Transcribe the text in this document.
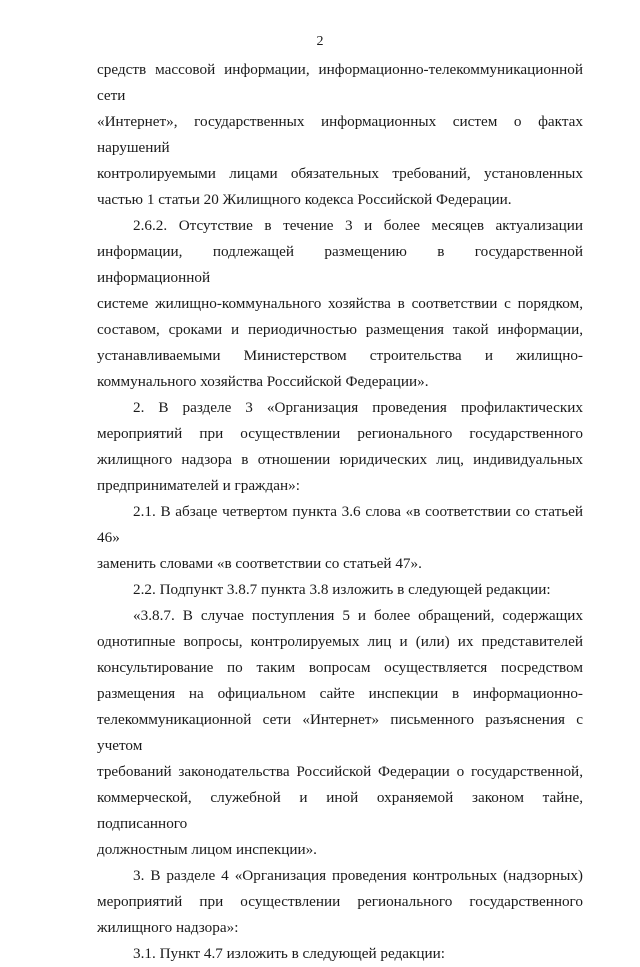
2
средств массовой информации, информационно-телекоммуникационной сети
«Интернет», государственных информационных систем о фактах нарушений
контролируемыми лицами обязательных требований, установленных
частью 1 статьи 20 Жилищного кодекса Российской Федерации.
2.6.2. Отсутствие в течение 3 и более месяцев актуализации
информации, подлежащей размещению в государственной информационной
системе жилищно-коммунального хозяйства в соответствии с порядком,
составом, сроками и периодичностью размещения такой информации,
устанавливаемыми Министерством строительства и жилищно-
коммунального хозяйства Российской Федерации».
2. В разделе 3 «Организация проведения профилактических
мероприятий при осуществлении регионального государственного
жилищного надзора в отношении юридических лиц, индивидуальных
предпринимателей и граждан»:
2.1. В абзаце четвертом пункта 3.6 слова «в соответствии со статьей 46»
заменить словами «в соответствии со статьей 47».
2.2. Подпункт 3.8.7 пункта 3.8 изложить в следующей редакции:
«3.8.7. В случае поступления 5 и более обращений, содержащих
однотипные вопросы, контролируемых лиц и (или) их представителей
консультирование по таким вопросам осуществляется посредством
размещения на официальном сайте инспекции в информационно-
телекоммуникационной сети «Интернет» письменного разъяснения с учетом
требований законодательства Российской Федерации о государственной,
коммерческой, служебной и иной охраняемой законом тайне, подписанного
должностным лицом инспекции».
3. В разделе 4 «Организация проведения контрольных (надзорных)
мероприятий при осуществлении регионального государственного
жилищного надзора»:
3.1. Пункт 4.7 изложить в следующей редакции:
